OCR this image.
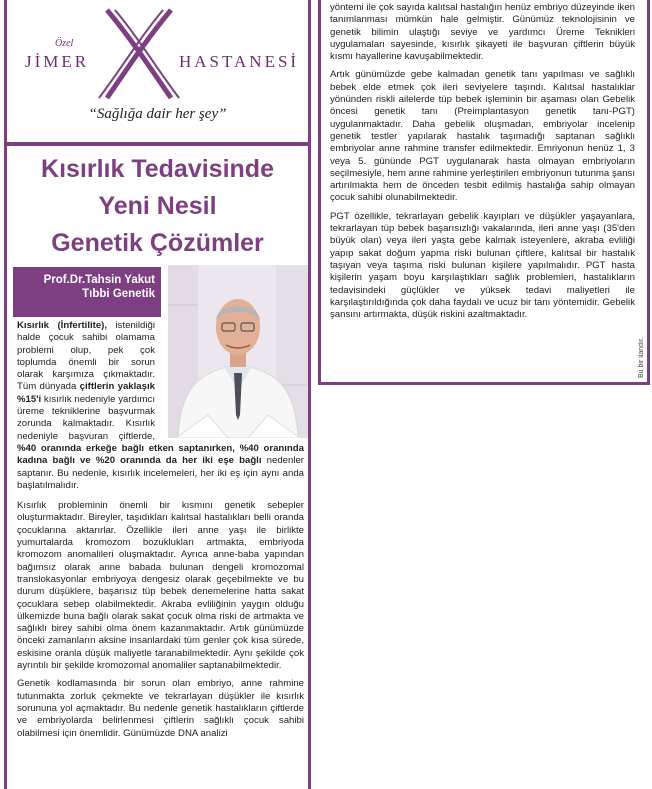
Özel
JİMER	HASTANESİ
“Sağlığa dair her şey”
Kısırlık Tedavisinde
Yeni Nesil
Genetik Çözümler
Prof.Dr.Tahsin Yakut
Tıbbi Genetik
Kısırlık (İnfertilite), istenildiği halde çocuk sahibi olamama problemi olup, pek çok toplumda önemli bir sorun olarak karşımıza çıkmaktadır. Tüm dünyada çiftlerin yaklaşık %15'i kısırlık nedeniyle yardımcı üreme tekniklerine başvurmak zorunda kalmaktadır. Kısırlık nedeniyle başvuran çiftlerde, %40 oranında erkeğe bağlı etken saptanırken, %40 oranında kadına bağlı ve %20 oranında da her iki eşe bağlı nedenler saptanır. Bu nedenle, kısırlık incelemeleri, her iki eş için aynı anda başlatılmalıdır.

Kısırlık probleminin önemli bir kısmını genetik sebepler oluşturmaktadır. Bireyler, taşıdıkları kalıtsal hastalıkları belli oranda çocuklarına aktarırlar. Özellikle ileri anne yaşı ile birlikte yumurtalarda kromozom bozuklukları artmakta, embriyoda kromozom anomalileri oluşmaktadır. Ayrıca anne-baba yapından bağımsız olarak anne babada bulunan dengeli kromozomal translokasyonlar embriyoya dengesiz olarak geçebilmekte ve bu durum düşüklere, başarısız tüp bebek denemelerine hatta sakat çocuklara sebep olabilmektedir. Akraba evliliğinin yaygın olduğu ülkemizde buna bağlı olarak sakat çocuk olma riski de artmakta ve sağlıklı birey sahibi olma önem kazanmaktadır. Artık günümüzde önceki zamanların aksine insanlardaki tüm genler çok kısa sürede, eskisine oranla düşük maliyetle taranabilmektedir. Aynı şekilde çok ayrıntılı bir şekilde kromozomal anomaliler saptanabilmektedir.

Genetik kodlamasında bir sorun olan embriyo, anne rahmine tutunmakta zorluk çekmekte ve tekrarlayan düşükler ile kısırlık sorununa yol açmaktadır. Bu nedenle genetik hastalıkların çiftlerde ve embriyolarda belirlenmesi çiftlerin sağlıklı çocuk sahibi olabilmesi için önemlidir. Günümüzde DNA analizi

yöntemi ile çok sayıda kalıtsal hastalığın henüz embriyo düzeyinde iken tanımlanması mümkün hale gelmiştir. Günümüz teknolojisinin ve genetik bilimin ulaştığı seviye ve yardımcı Üreme Teknikleri uygulamaları sayesinde, kısırlık şikayeti ile başvuran çiftlerin büyük kısmı hayallerine kavuşabilmektedir.

Artık günümüzde gebe kalmadan genetik tanı yapılması ve sağlıklı bebek elde etmek çok ileri seviyelere taşındı. Kalıtsal hastalıklar yönünden riskli ailelerde tüp bebek işleminin bir aşaması olan Gebelik öncesi genetik tanı (Preimplantasyon genetik tanı-PGT) uygulanmaktadır. Daha gebelik oluşmadan, embriyolar incelenip genetik testler yapılarak hastalık taşımadığı saptanan sağlıklı embriyolar anne rahmine transfer edilmektedir. Emriyonun henüz 1, 3 veya 5. gününde PGT uygulanarak hasta olmayan embriyoların seçilmesiyle, hem anne rahmine yerleştirilen embriyonun tutunma şansı artırılmakta hem de önceden tesbit edilmiş hastalığa sahip olmayan çocuk sahibi olunabilmektedir.

PGT özellikle, tekrarlayan gebelik kayıpları ve düşükler yaşayanlara, tekrarlayan tüp bebek başarısızlığı vakalarında, ileri anne yaşı (35'den büyük olan) veya ileri yaşta gebe kalmak isteyenlere, akraba evliliği yapıp sakat doğum yapma riski bulunan çiftlere, kalıtsal bir hastalık taşıyan veya taşıma riski bulunan kişilere yapılmalıdır. PGT hasta kişilerin yaşam boyu karşılaştıkları sağlık problemleri, hastalıkların tedavisindeki güçlükler ve yüksek tedavi maliyetleri ile karşılaştırıldığında çok daha faydalı ve ucuz bir tanı yöntemidir. Gebelik şansını artırmakta, düşük riskini azaltmaktadır.

Bu bir ilandır.
